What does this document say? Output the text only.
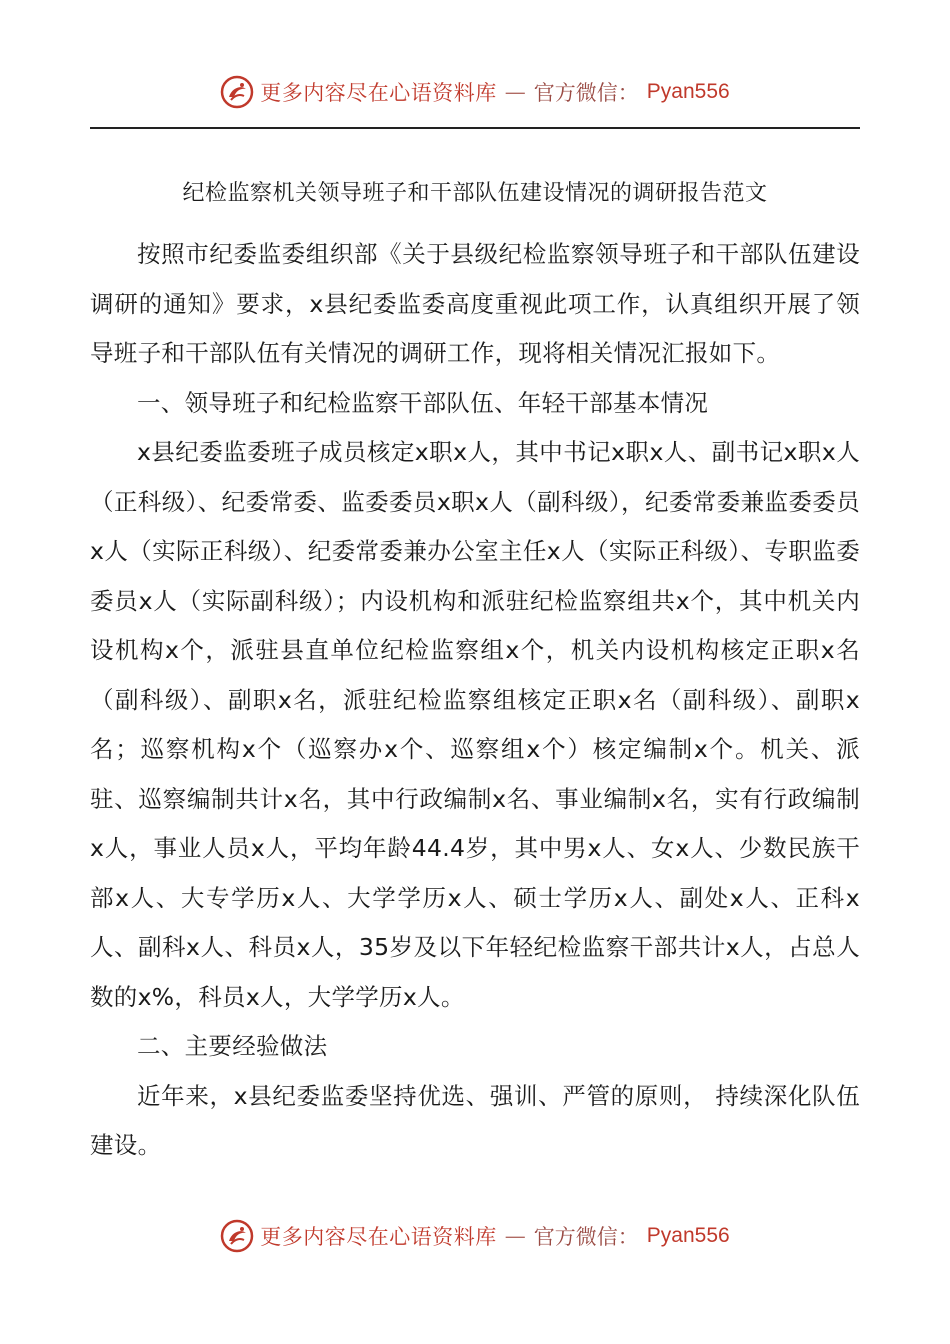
更多内容尽在心语资料库 — 官方微信： Pyan556
纪检监察机关领导班子和干部队伍建设情况的调研报告范文

按照市纪委监委组织部《关于县级纪检监察领导班子和干部队伍建设调研的通知》要求，x县纪委监委高度重视此项工作，认真组织开展了领导班子和干部队伍有关情况的调研工作，现将相关情况汇报如下。

一、领导班子和纪检监察干部队伍、年轻干部基本情况

x县纪委监委班子成员核定x职x人，其中书记x职x人、副书记x职x人（正科级）、纪委常委、监委委员x职x人（副科级），纪委常委兼监委委员x人（实际正科级）、纪委常委兼办公室主任x人（实际正科级）、专职监委委员x人（实际副科级）；内设机构和派驻纪检监察组共x个，其中机关内设机构x个，派驻县直单位纪检监察组x个，机关内设机构核定正职x名（副科级）、副职x名，派驻纪检监察组核定正职x名（副科级）、副职x名；巡察机构x个（巡察办x个、巡察组x个）核定编制x个。机关、派驻、巡察编制共计x名，其中行政编制x名、事业编制x名，实有行政编制x人，事业人员x人，平均年龄44.4岁，其中男x人、女x人、少数民族干部x人、大专学历x人、大学学历x人、硕士学历x人、副处x人、正科x人、副科x人、科员x人，35岁及以下年轻纪检监察干部共计x人，占总人数的x%，科员x人，大学学历x人。

二、主要经验做法

近年来，x县纪委监委坚持优选、强训、严管的原则， 持续深化队伍建设。

更多内容尽在心语资料库 — 官方微信： Pyan556
